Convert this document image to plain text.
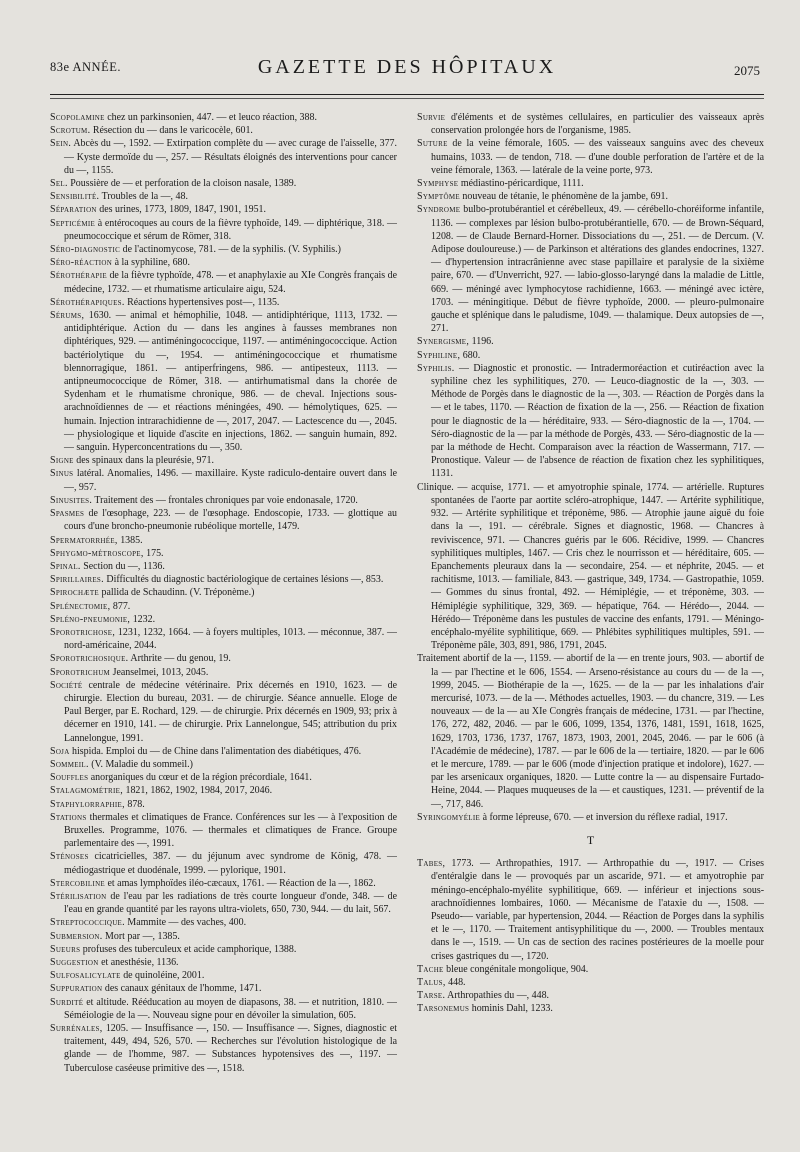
83e ANNÉE.	GAZETTE DES HÔPITAUX	2075

Scopolamine chez un parkinsonien, 447. — et leuco réaction, 388.

Scrotum. Résection du — dans le varicocèle, 601.

Sein. Abcès du —, 1592. — Extirpation complète du — avec curage de l'aisselle, 377. — Kyste dermoïde du —, 257. — Résultats éloignés des interventions pour cancer du —, 1155.

Sel. Poussière de — et perforation de la cloison nasale, 1389.

Sensibilité. Troubles de la —, 48.

Séparation des urines, 1773, 1809, 1847, 1901, 1951.

Septicémie à entérocoques au cours de la fièvre typhoïde, 149. — diphtérique, 318. — pneumococcique et sérum de Römer, 318.

Séro-diagnostic de l'actinomycose, 781. — de la syphilis. (V. Syphilis.)

Séro-réaction à la syphiline, 680.

Sérothérapie de la fièvre typhoïde, 478. — et anaphylaxie au XIe Congrès français de médecine, 1732. — et rhumatisme articulaire aigu, 524.

Sérothérapiques. Réactions hypertensives post—, 1135.

Sérums, 1630. — animal et hémophilie, 1048. — antidiphtérique, 1113, 1732. — antidiphtérique. Action du — dans les angines à fausses membranes non diphtériques, 929. — antiméningococcique, 1197. — antiméningococcique. Action bactériolytique du —, 1954. — antiméningococcique et rhumatisme blennorragique, 1861. — antiperfringens, 986. — antipesteux, 1113. — antipneumococcique de Römer, 318. — antirhumatismal dans la chorée de Sydenham et le rhumatisme chronique, 986. — de cheval. Injections sous-arachnoïdiennes de — et réactions méningées, 490. — hémolytiques, 625. — humain. Injection intrarachidienne de —, 2017, 2047. — Lactescence du —, 2045. — physiologique et liquide d'ascite en injections, 1862. — sanguin humain, 892. — sanguin. Hyperconcentrations du —, 350.

Signe des spinaux dans la pleurésie, 971.

Sinus latéral. Anomalies, 1496. — maxillaire. Kyste radiculo-dentaire ouvert dans le —, 957.

Sinusites. Traitement des — frontales chroniques par voie endonasale, 1720.

Spasmes de l'œsophage, 223. — de l'œsophage. Endoscopie, 1733. — glottique au cours d'une broncho-pneumonie rubéolique mortelle, 1479.

Spermatorrhée, 1385.

Sphygmo-métroscope, 175.

Spinal. Section du —, 1136.

Spirillaires. Difficultés du diagnostic bactériologique de certaines lésions —, 853.

Spirochæte pallida de Schaudinn. (V. Tréponème.)

Splénectomie, 877.

Spléno-pneumonie, 1232.

Sporotrichose, 1231, 1232, 1664. — à foyers multiples, 1013. — méconnue, 387. — nord-américaine, 2044.

Sporotrichosique. Arthrite — du genou, 19.

Sporotrichum Jeanselmei, 1013, 2045.

Société centrale de médecine vétérinaire. Prix décernés en 1910, 1623. — de chirurgie. Election du bureau, 2031. — de chirurgie. Séance annuelle. Eloge de Paul Berger, par E. Rochard, 129. — de chirurgie. Prix décernés en 1909, 93; prix à décerner en 1910, 141. — de chirurgie. Prix Lannelongue, 545; attribution du prix Lannelongue, 1991.

Soja hispida. Emploi du — de Chine dans l'alimentation des diabétiques, 476.

Sommeil. (V. Maladie du sommeil.)

Souffles anorganiques du cœur et de la région précordiale, 1641.

Stalagmométrie, 1821, 1862, 1902, 1984, 2017, 2046.

Staphylorraphie, 878.

Stations thermales et climatiques de France. Conférences sur les — à l'exposition de Bruxelles. Programme, 1076. — thermales et climatiques de France. Groupe parlementaire des —, 1991.

Sténoses cicatricielles, 387. — du jéjunum avec syndrome de König, 478. — médiogastrique et duodénale, 1999. — pylorique, 1901.

Stercobiline et amas lymphoïdes iléo-cæcaux, 1761. — Réaction de la —, 1862.

Stérilisation de l'eau par les radiations de très courte longueur d'onde, 348. — de l'eau en grande quantité par les rayons ultra-violets, 650, 730, 944. — du lait, 567.

Streptococcique. Mammite — des vaches, 400.

Submersion. Mort par —, 1385.

Sueurs profuses des tuberculeux et acide camphorique, 1388.

Suggestion et anesthésie, 1136.

Sulfosalicylate de quinoléine, 2001.

Suppuration des canaux génitaux de l'homme, 1471.

Surdité et altitude. Rééducation au moyen de diapasons, 38. — et nutrition, 1810. — Séméiologie de la —. Nouveau signe pour en dévoiler la simulation, 605.

Surrénales, 1205. — Insuffisance —, 150. — Insuffisance —. Signes, diagnostic et traitement, 449, 494, 526, 570. — Recherches sur l'évolution histologique de la glande — de l'homme, 987. — Substances hypotensives des —, 1197. — Tuberculose caséeuse primitive des —, 1518.

Survie d'éléments et de systèmes cellulaires, en particulier des vaisseaux après conservation prolongée hors de l'organisme, 1985.

Suture de la veine fémorale, 1605. — des vaisseaux sanguins avec des cheveux humains, 1033. — de tendon, 718. — d'une double perforation de l'artère et de la veine fémorale, 1363. — latérale de la veine porte, 973.

Symphyse médiastino-péricardique, 1111.

Symptôme nouveau de tétanie, le phénomène de la jambe, 691.

Syndrome bulbo-protubérantiel et cérébelleux, 49. — cérébello-choréiforme infantile, 1136. — complexes par lésion bulbo-protubérantielle, 670. — de Brown-Séquard, 1208. — de Claude Bernard-Horner. Dissociations du —, 251. — de Dercum. (V. Adipose douloureuse.) — de Parkinson et altérations des glandes endocrines, 1327. — d'hypertension intracrânienne avec stase papillaire et paralysie de la sixième paire, 670. — d'Unverricht, 927. — labio-glosso-laryngé dans la maladie de Little, 669. — méningé avec lymphocytose rachidienne, 1663. — méningé avec ictère, 1703. — méningitique. Début de fièvre typhoïde, 2000. — pleuro-pulmonaire gauche et splénique dans le paludisme, 1049. — thalamique. Deux autopsies de —, 271.

Synergisme, 1196.

Syphiline, 680.

Syphilis. — Diagnostic et pronostic. — Intradermoréaction et cutiréaction avec la syphiline chez les syphilitiques, 270. — Leuco-diagnostic de la —, 303. — Méthode de Porgès dans le diagnostic de la —, 303. — Réaction de Porgès dans la — et le tabes, 1170. — Réaction de fixation de la —, 256. — Réaction de fixation pour le diagnostic de la — héréditaire, 933. — Séro-diagnostic de la —, 1704. — Séro-diagnostic de la — par la méthode de Porgès, 433. — Séro-diagnostic de la — par la méthode de Hecht. Comparaison avec la réaction de Wassermann, 717. — Pronostique. Valeur — de l'absence de réaction de fixation chez les syphilitiques, 1131.

Clinique. — acquise, 1771. — et amyotrophie spinale, 1774. — artérielle. Ruptures spontanées de l'aorte par aortite scléro-atrophique, 1447. — Artérite syphilitique, 932. — Artérite syphilitique et tréponème, 986. — Atrophie jaune aiguë du foie dans la —, 191. — cérébrale. Signes et diagnostic, 1968. — Chancres à reviviscence, 971. — Chancres guéris par le 606. Récidive, 1999. — Chancres syphilitiques multiples, 1467. — Cris chez le nourrisson et — héréditaire, 605. — Epanchements pleuraux dans la — secondaire, 254. — et néphrite, 2045. — et rachitisme, 1013. — familiale, 843. — gastrique, 349, 1734. — Gastropathie, 1059. — Gommes du sinus frontal, 492. — Hémiplégie, — et tréponème, 303. — Hémiplégie syphilitique, 329, 369. — hépatique, 764. — Hérédo—, 2044. — Hérédo— Tréponème dans les pustules de vaccine des enfants, 1791. — Méningo-encéphalo-myélite syphilitique, 669. — Phlébites syphilitiques multiples, 591. — Tréponème pâle, 303, 891, 986, 1791, 2045.

Traitement abortif de la —, 1159. — abortif de la — en trente jours, 903. — abortif de la — par l'hectine et le 606, 1554. — Arseno-résistance au cours du — de la —, 1999, 2045. — Biothérapie de la —, 1625. — de la — par les inhalations d'air mercurisé, 1073. — de la —. Méthodes actuelles, 1903. — du chancre, 319. — Les nouveaux — de la — au XIe Congrès français de médecine, 1731. — par l'hectine, 176, 272, 482, 2046. — par le 606, 1099, 1354, 1376, 1481, 1591, 1618, 1625, 1629, 1703, 1736, 1737, 1767, 1873, 1903, 2001, 2045, 2046. — par le 606 (à l'Académie de médecine), 1787. — par le 606 de la — tertiaire, 1820. — par le 606 et le mercure, 1789. — par le 606 (mode d'injection pratique et indolore), 1627. — par les arsenicaux organiques, 1820. — Lutte contre la — au dispensaire Furtado-Heine, 2044. — Plaques muqueuses de la — et caustiques, 1231. — préventif de la —, 717, 846.

Syringomyélie à forme lépreuse, 670. — et inversion du réflexe radial, 1917.

T

Tabes, 1773. — Arthropathies, 1917. — Arthropathie du —, 1917. — Crises d'entéralgie dans le — provoqués par un ascaride, 971. — et amyotrophie par méningo-encéphalo-myélite syphilitique, 669. — inférieur et injections sous-arachnoïdiennes lombaires, 1060. — Mécanisme de l'ataxie du —, 1508. — Pseudo-— variable, par hypertension, 2044. — Réaction de Porges dans la syphilis et le —, 1170. — Traitement antisyphilitique du —, 2000. — Troubles mentaux dans le —, 1519. — Un cas de section des racines postérieures de la moelle pour crises gastriques du —, 1720.

Tache bleue congénitale mongolique, 904.

Talus, 448.

Tarse. Arthropathies du —, 448.

Tarsonemus hominis Dahl, 1233.
